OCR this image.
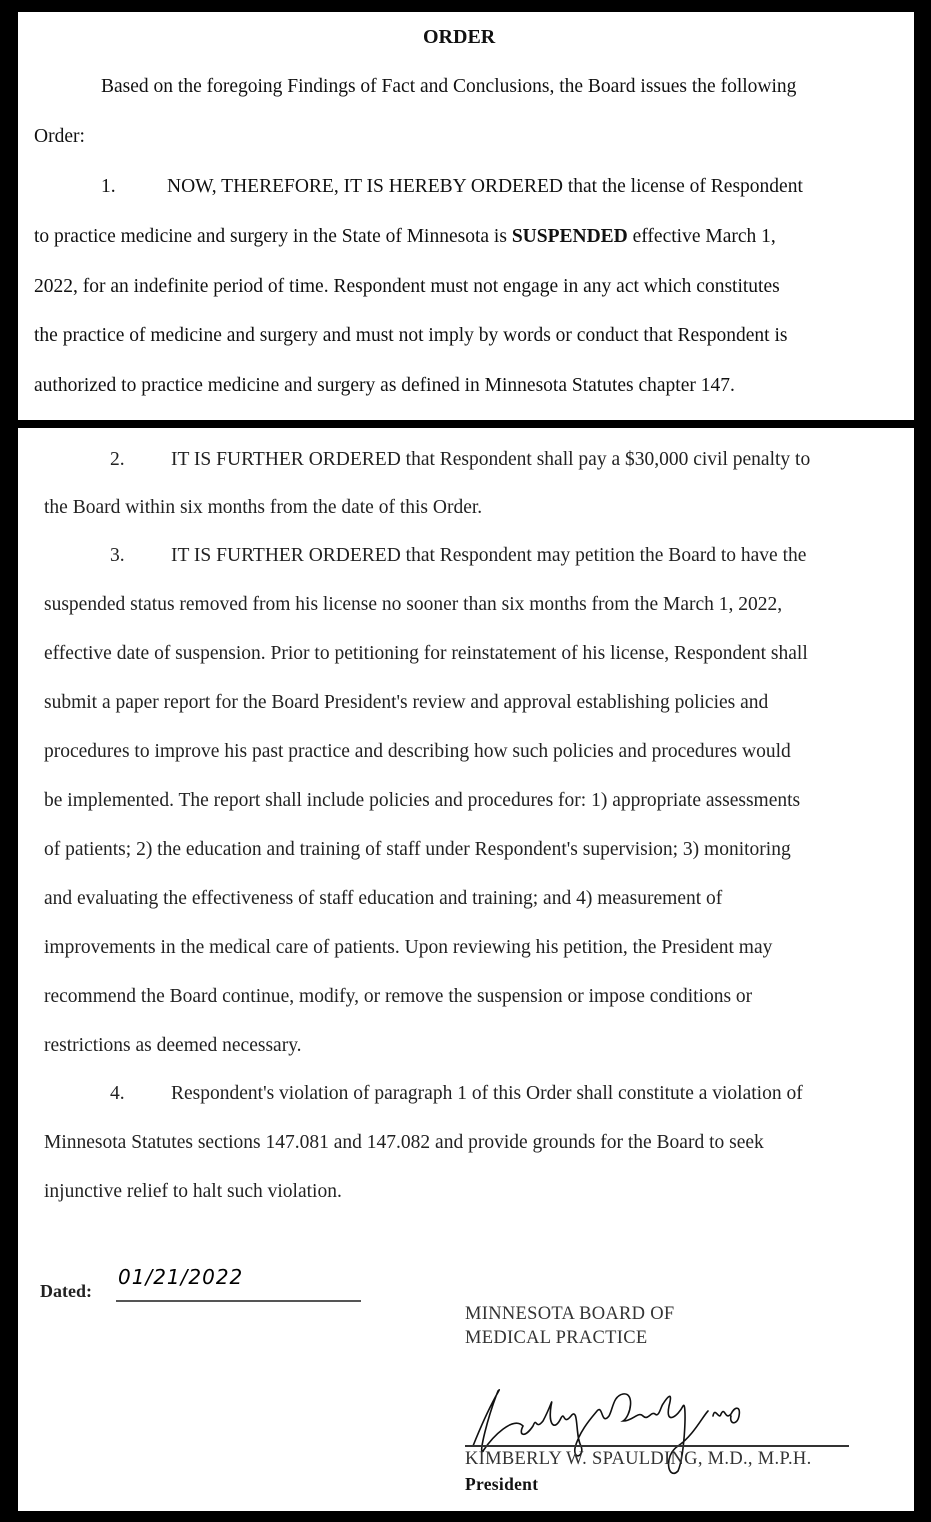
ORDER
Based on the foregoing Findings of Fact and Conclusions, the Board issues the following
Order:
1.	NOW, THEREFORE, IT IS HEREBY ORDERED that the license of Respondent
to practice medicine and surgery in the State of Minnesota is SUSPENDED effective March 1,
2022, for an indefinite period of time. Respondent must not engage in any act which constitutes
the practice of medicine and surgery and must not imply by words or conduct that Respondent is
authorized to practice medicine and surgery as defined in Minnesota Statutes chapter 147.
2. IT IS FURTHER ORDERED that Respondent shall pay a $30,000 civil penalty to
the Board within six months from the date of this Order.
3. IT IS FURTHER ORDERED that Respondent may petition the Board to have the
suspended status removed from his license no sooner than six months from the March 1, 2022,
effective date of suspension. Prior to petitioning for reinstatement of his license, Respondent shall
submit a paper report for the Board President's review and approval establishing policies and
procedures to improve his past practice and describing how such policies and procedures would
be implemented. The report shall include policies and procedures for: 1) appropriate assessments
of patients; 2) the education and training of staff under Respondent's supervision; 3) monitoring
and evaluating the effectiveness of staff education and training; and 4) measurement of
improvements in the medical care of patients. Upon reviewing his petition, the President may
recommend the Board continue, modify, or remove the suspension or impose conditions or
restrictions as deemed necessary.
4. Respondent's violation of paragraph 1 of this Order shall constitute a violation of
Minnesota Statutes sections 147.081 and 147.082 and provide grounds for the Board to seek
injunctive relief to halt such violation.
Dated:
01/21/2022
MINNESOTA BOARD OF
MEDICAL PRACTICE
KIMBERLY W. SPAULDING, M.D., M.P.H.
President
